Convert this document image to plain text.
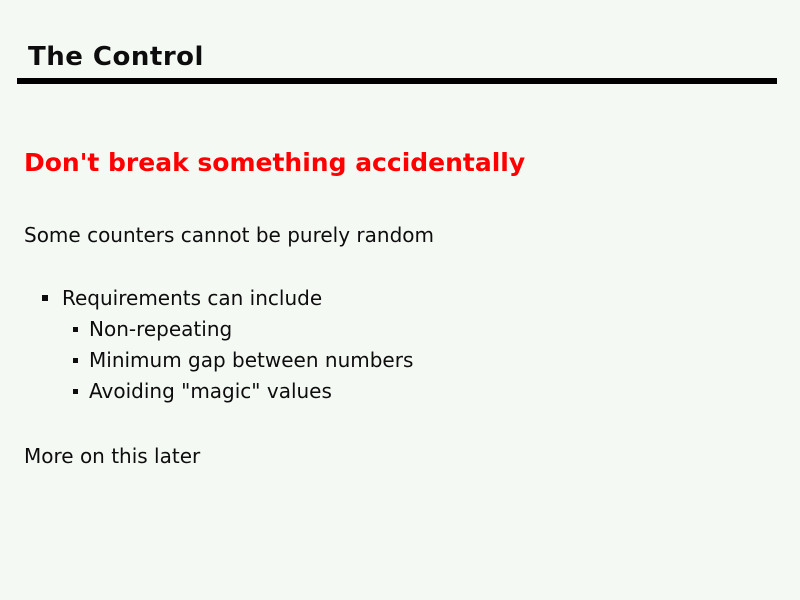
The Control
Don't break something accidentally
Some counters cannot be purely random
Requirements can include
Non-repeating
Minimum gap between numbers
Avoiding "magic" values
More on this later
